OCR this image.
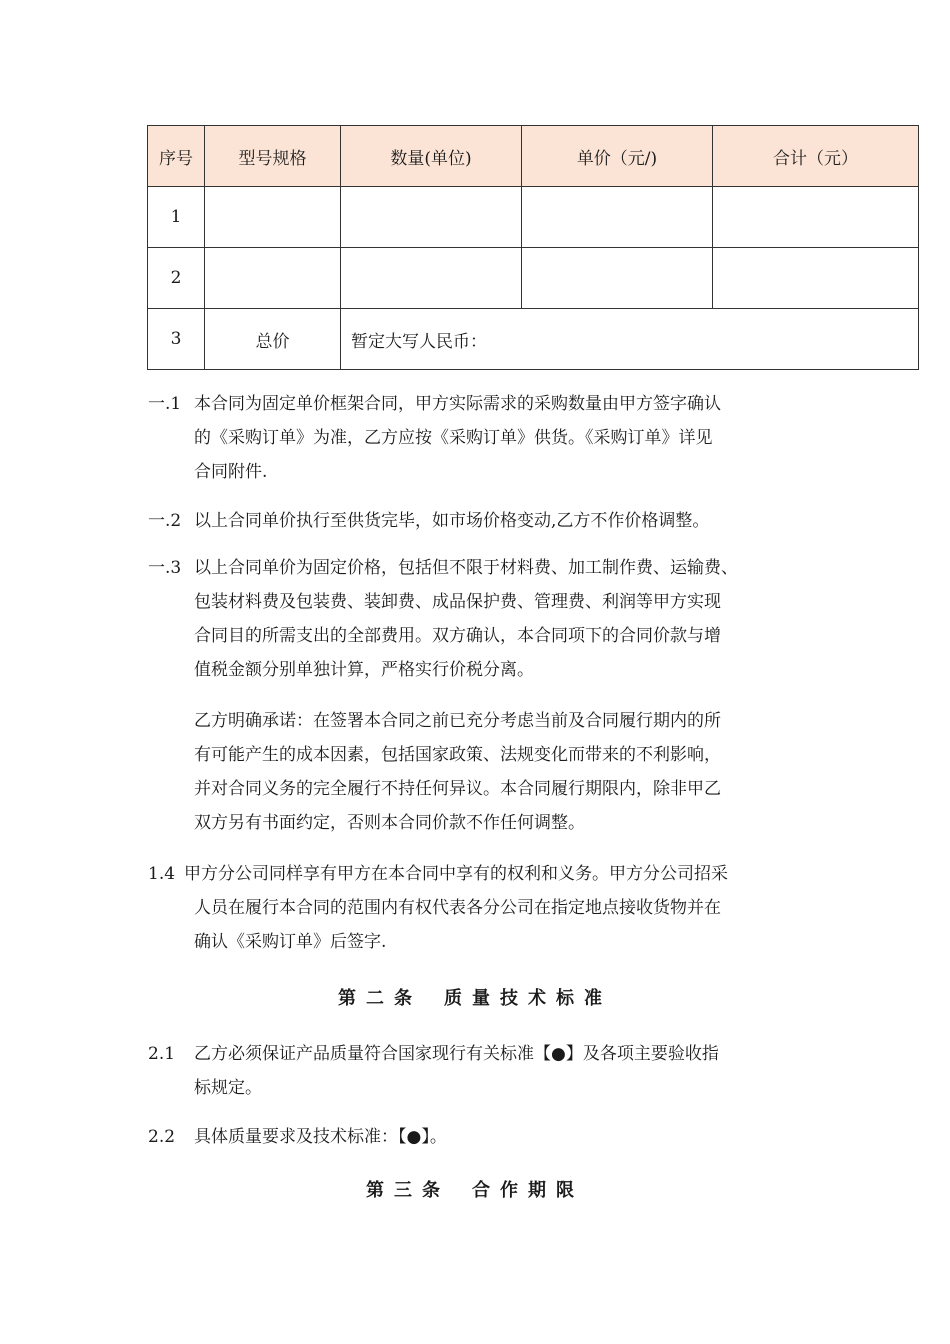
序号	型号规格	数量(单位)	单价（元/)	合计（元）
1				
2				
3	总价	暂定大写人民币：		
一.1 本合同为固定单价框架合同，甲方实际需求的采购数量由甲方签字确认
的《采购订单》为准，乙方应按《采购订单》供货。《采购订单》详见
合同附件.
一.2 以上合同单价执行至供货完毕，如市场价格变动,乙方不作价格调整。
一.3 以上合同单价为固定价格，包括但不限于材料费、加工制作费、运输费、
包装材料费及包装费、装卸费、成品保护费、管理费、利润等甲方实现
合同目的所需支出的全部费用。双方确认，本合同项下的合同价款与增
值税金额分别单独计算，严格实行价税分离。
乙方明确承诺：在签署本合同之前已充分考虑当前及合同履行期内的所
有可能产生的成本因素，包括国家政策、法规变化而带来的不利影响，
并对合同义务的完全履行不持任何异议。本合同履行期限内，除非甲乙
双方另有书面约定，否则本合同价款不作任何调整。
1.4 甲方分公司同样享有甲方在本合同中享有的权利和义务。甲方分公司招采
人员在履行本合同的范围内有权代表各分公司在指定地点接收货物并在
确认《采购订单》后签字.
第二条 质量技术标准
2.1	乙方必须保证产品质量符合国家现行有关标准【●】及各项主要验收指
标规定。
2.2	具体质量要求及技术标准：【●】。
第三条 合作期限
